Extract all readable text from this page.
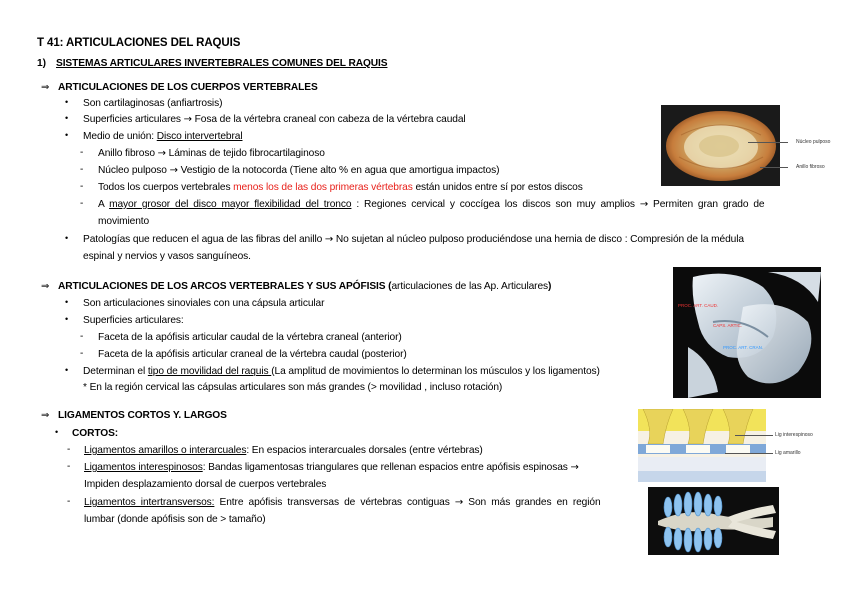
T 41: ARTICULACIONES DEL RAQUIS
1) SISTEMAS ARTICULARES INVERTEBRALES COMUNES DEL RAQUIS
⇒ ARTICULACIONES DE LOS CUERPOS VERTEBRALES
• Son cartilaginosas (anfiartrosis)
• Superficies articulares → Fosa de la vértebra craneal con cabeza de la vértebra caudal
• Medio de unión: Disco intervertebral
- Anillo fibroso → Láminas de tejido fibrocartilaginoso
- Núcleo pulposo → Vestigio de la notocorda (Tiene alto % en agua que amortigua impactos)
- Todos los cuerpos vertebrales menos los de las dos primeras vértebras están unidos entre sí por estos discos
- A mayor grosor del disco mayor flexibilidad del tronco : Regiones cervical y coccígea los discos son muy amplios → Permiten gran grado de
movimiento
• Patologías que reducen el agua de las fibras del anillo → No sujetan al núcleo pulposo produciéndose una hernia de disco : Compresión de la médula
espinal y nervios y vasos sanguíneos.
Núcleo pulposo
Anillo fibroso
⇒ ARTICULACIONES DE LOS ARCOS VERTEBRALES Y SUS APÓFISIS (articulaciones de las Ap. Articulares)
• Son articulaciones sinoviales con una cápsula articular
• Superficies articulares:
- Faceta de la apófisis articular caudal de la vértebra craneal (anterior)
- Faceta de la apófisis articular craneal de la vértebra caudal (posterior)
• Determinan el tipo de movilidad del raquis (La amplitud de movimientos lo determinan los músculos y los ligamentos)
* En la región cervical las cápsulas articulares son más grandes (> movilidad , incluso rotación)
PROC. ART. CAUD.
CAPS. ARTIC.
PROC. ART. CRAN.
⇒ LIGAMENTOS CORTOS Y. LARGOS
• CORTOS:
- Ligamentos amarillos o interarcuales: En espacios interarcuales dorsales (entre vértebras)
- Ligamentos interespinosos: Bandas ligamentosas triangulares que rellenan espacios entre apófisis espinosas →
Impiden desplazamiento dorsal de cuerpos vertebrales
- Ligamentos intertransversos: Entre apófisis transversas de vértebras contiguas → Son más grandes en región
lumbar (donde apófisis son de > tamaño)
Lig interespinoso
Lig amarillo
